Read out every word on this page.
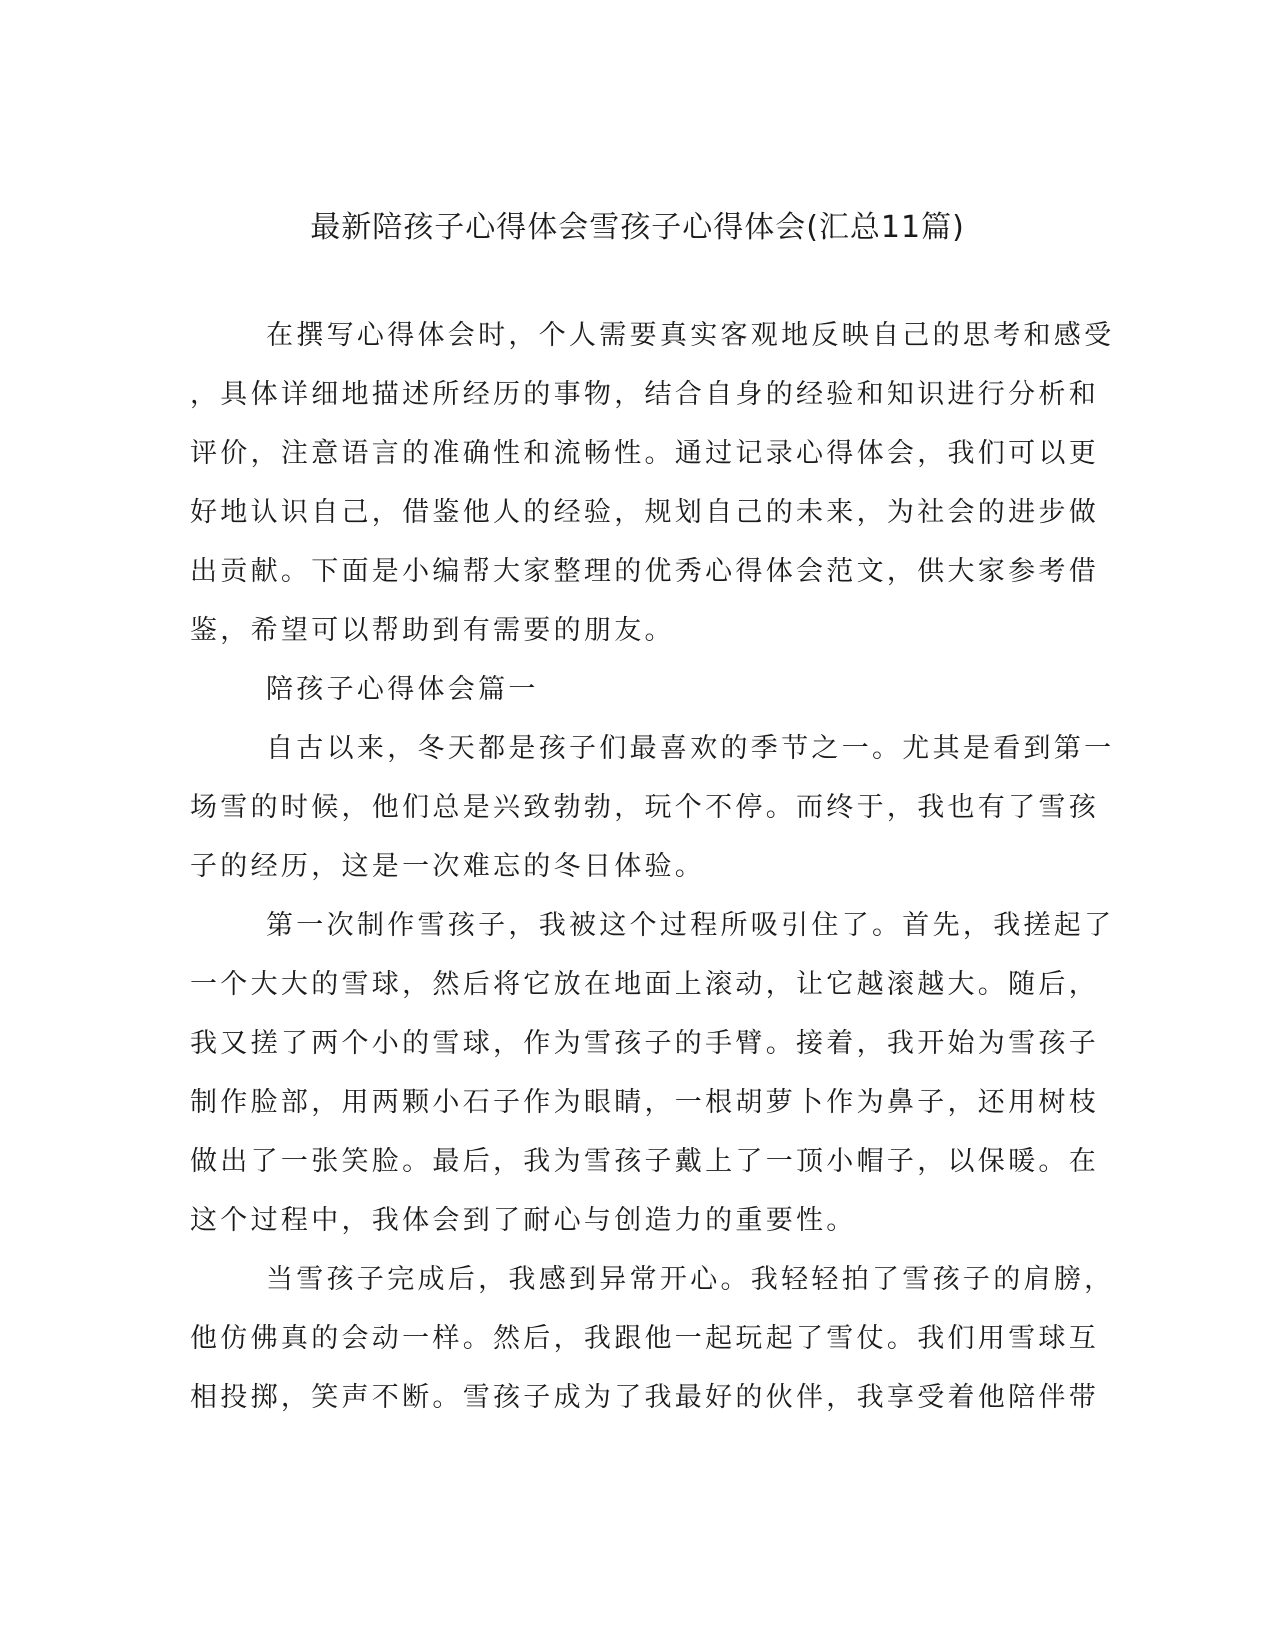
最新陪孩子心得体会雪孩子心得体会(汇总11篇)
在撰写心得体会时，个人需要真实客观地反映自己的思考和感受
，具体详细地描述所经历的事物，结合自身的经验和知识进行分析和
评价，注意语言的准确性和流畅性。通过记录心得体会，我们可以更
好地认识自己，借鉴他人的经验，规划自己的未来，为社会的进步做
出贡献。下面是小编帮大家整理的优秀心得体会范文，供大家参考借
鉴，希望可以帮助到有需要的朋友。
陪孩子心得体会篇一
自古以来，冬天都是孩子们最喜欢的季节之一。尤其是看到第一
场雪的时候，他们总是兴致勃勃，玩个不停。而终于，我也有了雪孩
子的经历，这是一次难忘的冬日体验。
第一次制作雪孩子，我被这个过程所吸引住了。首先，我搓起了
一个大大的雪球，然后将它放在地面上滚动，让它越滚越大。随后，
我又搓了两个小的雪球，作为雪孩子的手臂。接着，我开始为雪孩子
制作脸部，用两颗小石子作为眼睛，一根胡萝卜作为鼻子，还用树枝
做出了一张笑脸。最后，我为雪孩子戴上了一顶小帽子，以保暖。在
这个过程中，我体会到了耐心与创造力的重要性。
当雪孩子完成后，我感到异常开心。我轻轻拍了雪孩子的肩膀，
他仿佛真的会动一样。然后，我跟他一起玩起了雪仗。我们用雪球互
相投掷，笑声不断。雪孩子成为了我最好的伙伴，我享受着他陪伴带
